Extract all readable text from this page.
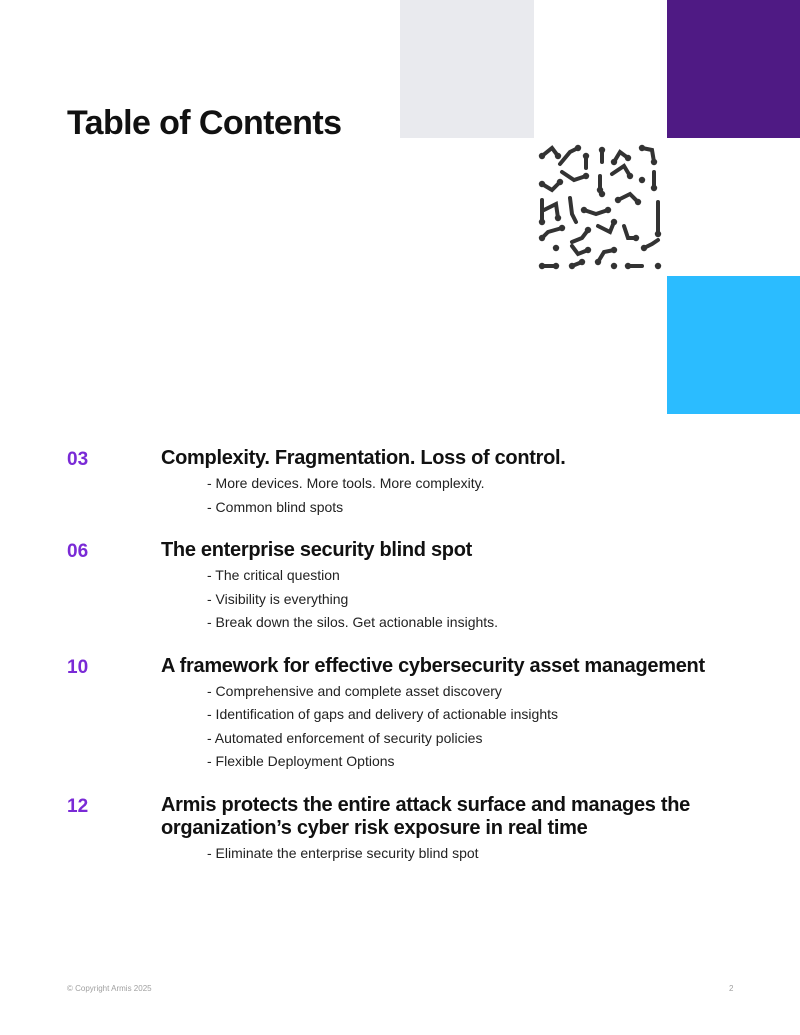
Table of Contents
03	Complexity. Fragmentation. Loss of control.
- More devices. More tools. More complexity.
- Common blind spots
06	The enterprise security blind spot
- The critical question
- Visibility is everything
- Break down the silos. Get actionable insights.
10	A framework for effective cybersecurity asset management
- Comprehensive and complete asset discovery
- Identification of gaps and delivery of actionable insights
- Automated enforcement of security policies
- Flexible Deployment Options
12	Armis protects the entire attack surface and manages the organization’s cyber risk exposure in real time
- Eliminate the enterprise security blind spot
© Copyright Armis 2025	2
